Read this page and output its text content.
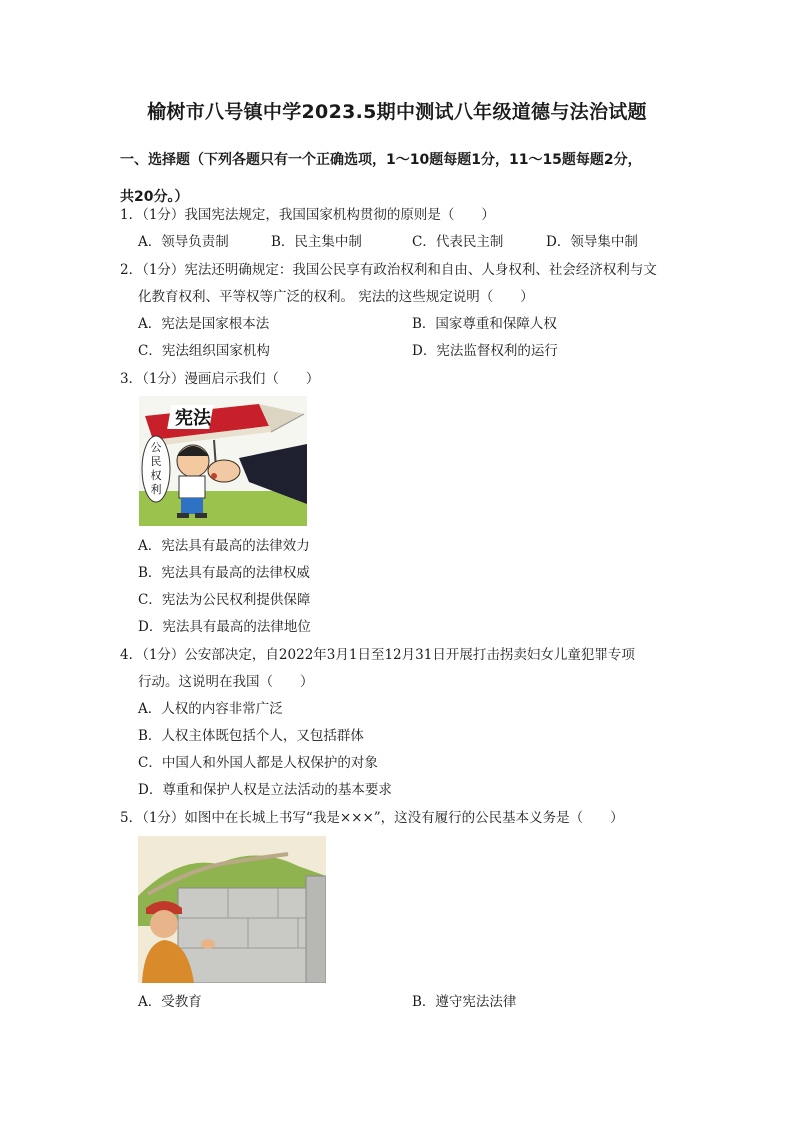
榆树市八号镇中学2023.5期中测试八年级道德与法治试题
一、选择题（下列各题只有一个正确选项，1～10题每题1分，11～15题每题2分，
共20分。）
1．（1分）我国宪法规定，我国国家机构贯彻的原则是（　　）
A．领导负责制	B．民主集中制	C．代表民主制	D．领导集中制
2．（1分）宪法还明确规定：我国公民享有政治权利和自由、人身权利、社会经济权利与文
化教育权利、平等权等广泛的权利。 宪法的这些规定说明（　　）
A．宪法是国家根本法	B．国家尊重和保障人权
C．宪法组织国家机构	D．宪法监督权利的运行
3．（1分）漫画启示我们（　　）
宪法
公
民
权
利
A．宪法具有最高的法律效力
B．宪法具有最高的法律权威
C．宪法为公民权利提供保障
D．宪法具有最高的法律地位
4．（1分）公安部决定，自2022年3月1日至12月31日开展打击拐卖妇女儿童犯罪专项
行动。这说明在我国（　　）
A．人权的内容非常广泛
B．人权主体既包括个人，又包括群体
C．中国人和外国人都是人权保护的对象
D．尊重和保护人权是立法活动的基本要求
5．（1分）如图中在长城上书写“我是×××”，这没有履行的公民基本义务是（　　）
A．受教育	B．遵守宪法法律
